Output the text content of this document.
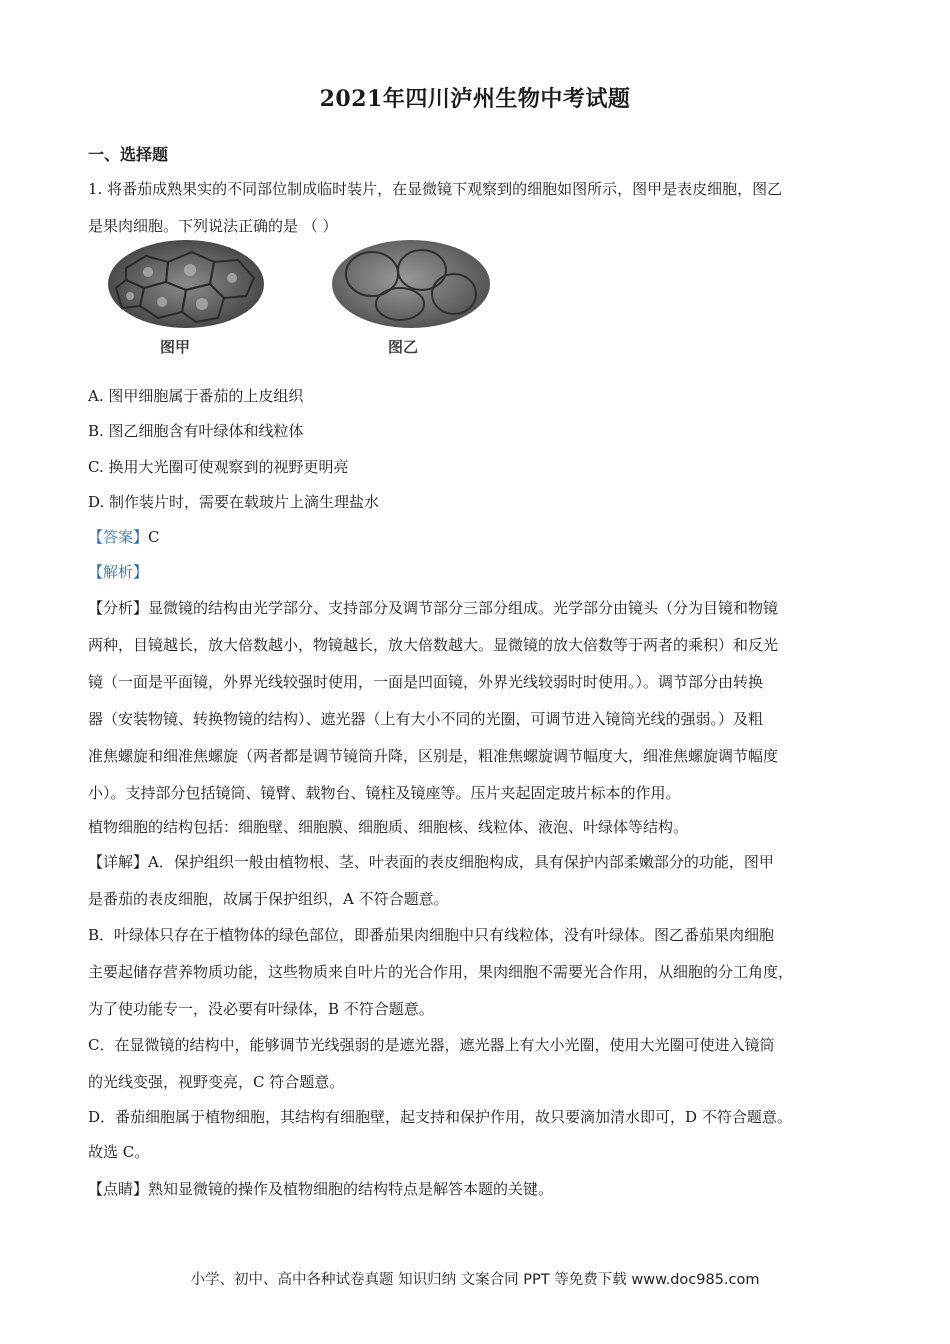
2021年四川泸州生物中考试题
一、选择题
1. 将番茄成熟果实的不同部位制成临时装片，在显微镜下观察到的细胞如图所示，图甲是表皮细胞，图乙
是果肉细胞。下列说法正确的是 （ ）
图甲	图乙
A. 图甲细胞属于番茄的上皮组织
B. 图乙细胞含有叶绿体和线粒体
C. 换用大光圈可使观察到的视野更明亮
D. 制作装片时，需要在载玻片上滴生理盐水
【答案】C
【解析】
【分析】显微镜的结构由光学部分、支持部分及调节部分三部分组成。光学部分由镜头（分为目镜和物镜
两种，目镜越长，放大倍数越小，物镜越长，放大倍数越大。显微镜的放大倍数等于两者的乘积）和反光
镜（一面是平面镜，外界光线较强时使用，一面是凹面镜，外界光线较弱时时使用。）。调节部分由转换
器（安装物镜、转换物镜的结构）、遮光器（上有大小不同的光圈，可调节进入镜筒光线的强弱。）及粗
准焦螺旋和细准焦螺旋（两者都是调节镜筒升降，区别是，粗准焦螺旋调节幅度大，细准焦螺旋调节幅度
小）。支持部分包括镜筒、镜臂、载物台、镜柱及镜座等。压片夹起固定玻片标本的作用。
植物细胞的结构包括：细胞壁、细胞膜、细胞质、细胞核、线粒体、液泡、叶绿体等结构。
【详解】A．保护组织一般由植物根、茎、叶表面的表皮细胞构成，具有保护内部柔嫩部分的功能，图甲
是番茄的表皮细胞，故属于保护组织，A 不符合题意。
B．叶绿体只存在于植物体的绿色部位，即番茄果肉细胞中只有线粒体，没有叶绿体。图乙番茄果肉细胞
主要起储存营养物质功能，这些物质来自叶片的光合作用，果肉细胞不需要光合作用，从细胞的分工角度，
为了使功能专一，没必要有叶绿体，B 不符合题意。
C．在显微镜的结构中，能够调节光线强弱的是遮光器，遮光器上有大小光圈，使用大光圈可使进入镜筒
的光线变强，视野变亮，C 符合题意。
D．番茄细胞属于植物细胞，其结构有细胞壁，起支持和保护作用，故只要滴加清水即可，D 不符合题意。
故选 C。
【点睛】熟知显微镜的操作及植物细胞的结构特点是解答本题的关键。
小学、初中、高中各种试卷真题 知识归纳 文案合同 PPT 等免费下载 www.doc985.com
